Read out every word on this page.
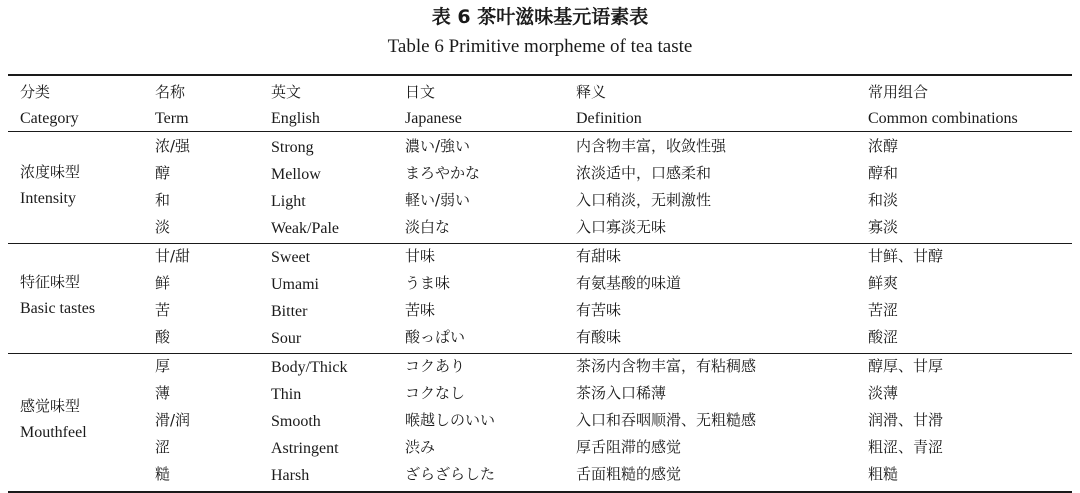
表 6 茶叶滋味基元语素表
Table 6 Primitive morpheme of tea taste
分类	名称	英文	日文	释义	常用组合
Category	Term	English	Japanese	Definition	Common combinations
浓度味型
Intensity
浓/强	Strong	濃い/強い	内含物丰富，收敛性强	浓醇
醇	Mellow	まろやかな	浓淡适中，口感柔和	醇和
和	Light	軽い/弱い	入口稍淡，无刺激性	和淡
淡	Weak/Pale	淡白な	入口寡淡无味	寡淡
特征味型
Basic tastes
甘/甜	Sweet	甘味	有甜味	甘鲜、甘醇
鲜	Umami	うま味	有氨基酸的味道	鲜爽
苦	Bitter	苦味	有苦味	苦涩
酸	Sour	酸っぱい	有酸味	酸涩
感觉味型
Mouthfeel
厚	Body/Thick	コクあり	茶汤内含物丰富，有粘稠感	醇厚、甘厚
薄	Thin	コクなし	茶汤入口稀薄	淡薄
滑/润	Smooth	喉越しのいい	入口和吞咽顺滑、无粗糙感	润滑、甘滑
涩	Astringent	渋み	厚舌阻滞的感觉	粗涩、青涩
糙	Harsh	ざらざらした	舌面粗糙的感觉	粗糙
